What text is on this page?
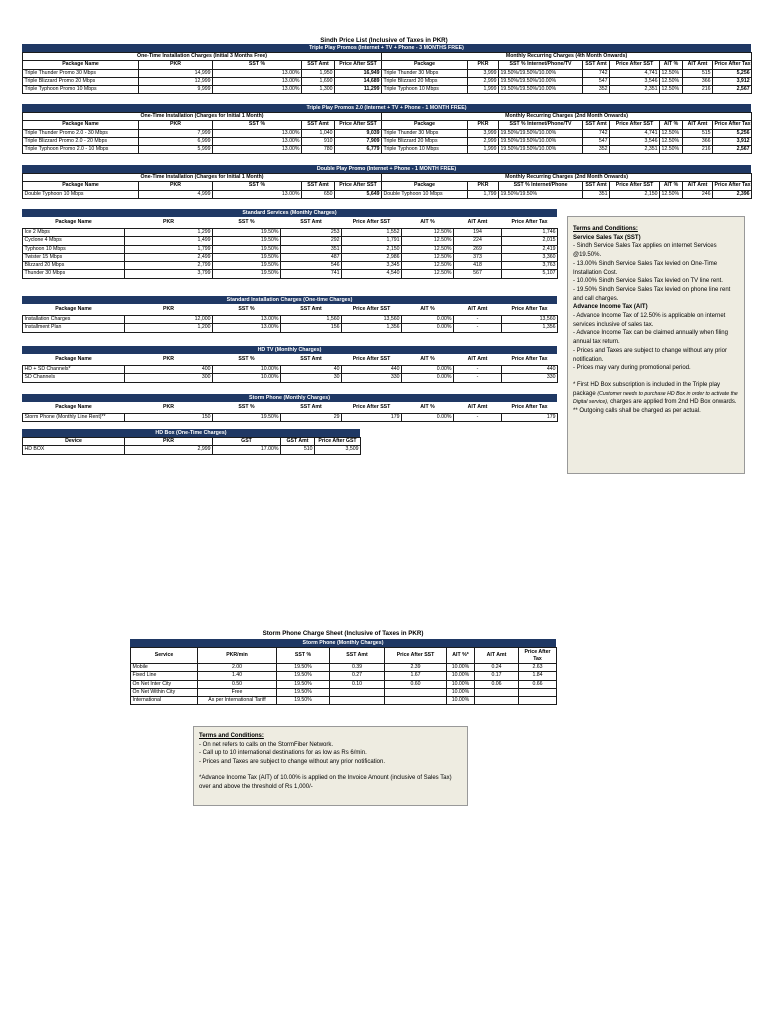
Sindh Price List (Inclusive of Taxes in PKR)
Triple Play Promos (Internet + TV + Phone - 3 MONTHS FREE)
One-Time Installation Charges (Initial 3 Months Free)					Monthly Recurring Charges (4th Month Onwards)							
Package Name	PKR	SST %	SST Amt	Price After SST	Package	PKR	SST % Internet/Phone/TV	SST Amt	Price After SST	AIT %	AIT Amt	Price After Tax
Triple Thunder Promo 30 Mbps	14,999	13.00%	1,950	16,949	Triple Thunder 30 Mbps	3,999	19.50%/19.50%/10.00%	742	4,741	12.50%	515	5,256
Triple Blizzard Promo 20 Mbps	12,999	13.00%	1,690	14,689	Triple Blizzard 20 Mbps	2,999	19.50%/19.50%/10.00%	547	3,546	12.50%	366	3,912
Triple Typhoon Promo 10 Mbps	9,999	13.00%	1,300	11,299	Triple Typhoon 10 Mbps	1,999	19.50%/19.50%/10.00%	352	2,351	12.50%	216	2,567
Triple Play Promos 2.0 (Internet + TV + Phone - 1 MONTH FREE)
One-Time Installation (Charges for Initial 1 Month)					Monthly Recurring Charges (2nd Month Onwards)							
Package Name	PKR	SST %	SST Amt	Price After SST	Package	PKR	SST % Internet/Phone/TV	SST Amt	Price After SST	AIT %	AIT Amt	Price After Tax
Triple Thunder Promo 2.0 - 30 Mbps	7,999	13.00%	1,040	9,039	Triple Thunder 30 Mbps	3,999	19.50%/19.50%/10.00%	742	4,741	12.50%	515	5,256
Triple Blizzard Promo 2.0 - 20 Mbps	6,999	13.00%	910	7,909	Triple Blizzard 20 Mbps	2,999	19.50%/19.50%/10.00%	547	3,546	12.50%	366	3,912
Triple Typhoon Promo 2.0 - 10 Mbps	5,999	13.00%	780	6,779	Triple Typhoon 10 Mbps	1,999	19.50%/19.50%/10.00%	352	2,351	12.50%	216	2,567
Double Play Promo (Internet + Phone - 1 MONTH FREE)
One-Time Installation (Charges for Initial 1 Month)					Monthly Recurring Charges (2nd Month Onwards)							
Package Name	PKR	SST %	SST Amt	Price After SST	Package	PKR	SST % Internet/Phone	SST Amt	Price After SST	AIT %	AIT Amt	Price After Tax
Double Typhoon 10 Mbps	4,999	13.00%	650	5,649	Double Typhoon 10 Mbps	1,799	19.50%/19.50%	351	2,150	12.50%	246	2,396
Standard Services (Monthly Charges)
Package Name	PKR	SST %	SST Amt	Price After SST	AIT %	AIT Amt	Price After Tax
Ice 2 Mbps	1,299	19.50%	253	1,552	12.50%	194	1,746
Cyclone 4 Mbps	1,499	19.50%	292	1,791	12.50%	224	2,015
Typhoon 10 Mbps	1,799	19.50%	351	2,150	12.50%	269	2,419
Twister 15 Mbps	2,499	19.50%	487	2,986	12.50%	373	3,360
Blizzard 20 Mbps	2,799	19.50%	546	3,345	12.50%	418	3,763
Thunder 30 Mbps	3,799	19.50%	741	4,540	12.50%	567	5,107
Standard Installation Charges (One-time Charges)
Package Name	PKR	SST %	SST Amt	Price After SST	AIT %	AIT Amt	Price After Tax
Installation Charges	12,000	13.00%	1,560	13,560	0.00%	-	13,560
Installment Plan	1,200	13.00%	156	1,356	0.00%	-	1,356
HD TV (Monthly Charges)
Package Name	PKR	SST %	SST Amt	Price After SST	AIT %	AIT Amt	Price After Tax
HD + SD Channels*	400	10.00%	40	440	0.00%	-	440
SD Channels	300	10.00%	30	330	0.00%	-	330
Storm Phone (Monthly Charges)
Package Name	PKR	SST %	SST Amt	Price After SST	AIT %	AIT Amt	Price After Tax
Storm Phone (Monthly Line Rent)**	150	19.50%	29	179	0.00%	-	179
HD Box (One-Time Charges)
Device	PKR	GST	GST Amt	Price After GST
HD BOX	2,999	17.00%	510	3,509
Terms and Conditions:
Service Sales Tax (SST)
- Sindh Service Sales Tax applies on internet Services @19.50%.
- 13.00% Sindh Service Sales Tax levied on One-Time Installation Cost.
- 10.00% Sindh Service Sales Tax levied on TV line rent.
- 19.50% Sindh Service Sales Tax levied on phone line rent and call charges.
Advance Income Tax (AIT)
- Advance Income Tax of 12.50% is applicable on internet services inclusive of sales tax.
- Advance Income Tax can be claimed annually when filing annual tax return.
- Prices and Taxes are subject to change without any prior notification.
- Prices may vary during promotional period.
* First HD Box subscription is included in the Triple play package (Customer needs to purchase HD Box in order to activate the Digital service), charges are applied from 2nd HD Box onwards.
** Outgoing calls shall be charged as per actual.
Storm Phone Charge Sheet (Inclusive of Taxes in PKR)
Storm Phone (Monthly Charges)
Service	PKR/min	SST %	SST Amt	Price After SST	AIT %*	AIT Amt	Price After Tax
Mobile	2.00	19.50%	0.39	2.39	10.00%	0.24	2.63
Fixed Line	1.40	19.50%	0.27	1.67	10.00%	0.17	1.84
On Net Inter City	0.50	19.50%	0.10	0.60	10.00%	0.06	0.66
On Net Within City	Free	19.50%			10.00%		
International	As per International Tariff	19.50%			10.00%		
Terms and Conditions:
- On net refers to calls on the StormFiber Network.
- Call up to 10 international destinations for as low as Rs 6/min.
- Prices and Taxes are subject to change without any prior notification.
*Advance Income Tax (AIT) of 10.00% is applied on the Invoice Amount (inclusive of Sales Tax) over and above the threshold of Rs 1,000/-
